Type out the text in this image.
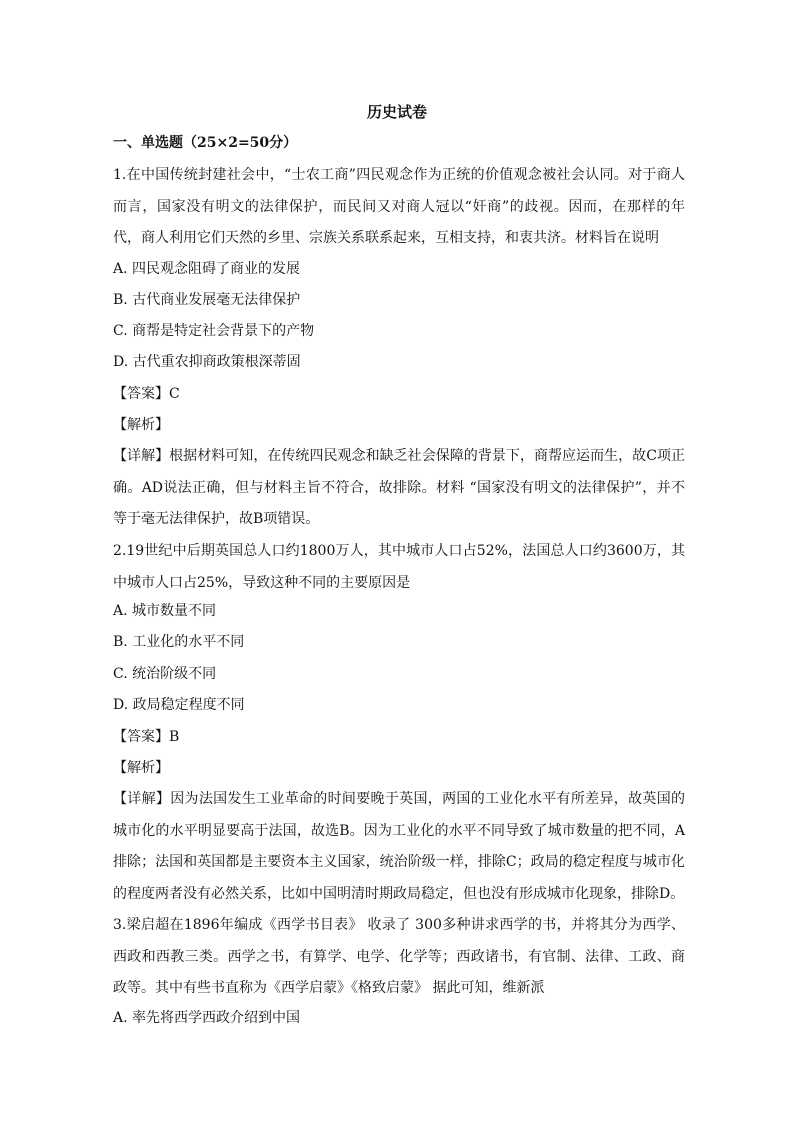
历史试卷
一、单选题（25×2=50分）
1.在中国传统封建社会中，“士农工商”四民观念作为正统的价值观念被社会认同。对于商人而言，国家没有明文的法律保护，而民间又对商人冠以“奸商”的歧视。因而，在那样的年代，商人利用它们天然的乡里、宗族关系联系起来，互相支持，和衷共济。材料旨在说明
A. 四民观念阻碍了商业的发展
B. 古代商业发展毫无法律保护
C. 商帮是特定社会背景下的产物
D. 古代重农抑商政策根深蒂固
【答案】C
【解析】
【详解】根据材料可知，在传统四民观念和缺乏社会保障的背景下，商帮应运而生，故C项正确。AD说法正确，但与材料主旨不符合，故排除。材料 “国家没有明文的法律保护”，并不等于毫无法律保护，故B项错误。
2.19世纪中后期英国总人口约1800万人，其中城市人口占52%，法国总人口约3600万，其中城市人口占25%，导致这种不同的主要原因是
A. 城市数量不同
B. 工业化的水平不同
C. 统治阶级不同
D. 政局稳定程度不同
【答案】B
【解析】
【详解】因为法国发生工业革命的时间要晚于英国，两国的工业化水平有所差异，故英国的城市化的水平明显要高于法国，故选B。因为工业化的水平不同导致了城市数量的把不同，A排除；法国和英国都是主要资本主义国家，统治阶级一样，排除C；政局的稳定程度与城市化的程度两者没有必然关系，比如中国明清时期政局稳定，但也没有形成城市化现象，排除D。
3.梁启超在1896年编成《西学书目表》 收录了 300多种讲求西学的书，并将其分为西学、西政和西教三类。西学之书，有算学、电学、化学等；西政诸书，有官制、法律、工政、商政等。其中有些书直称为《西学启蒙》《格致启蒙》 据此可知，维新派
A. 率先将西学西政介绍到中国
